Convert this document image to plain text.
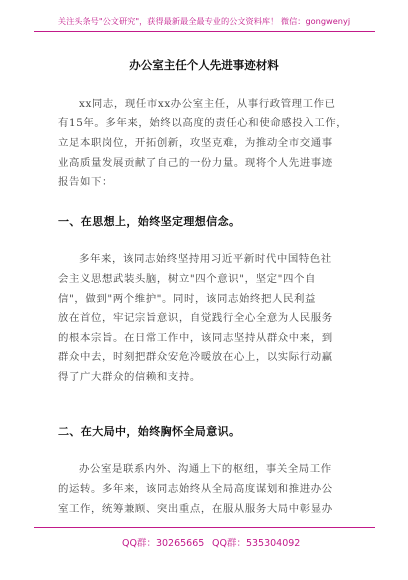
关注头条号"公文研究"，获得最新最全最专业的公文资料库！ 微信：gongwenyj
办公室主任个人先进事迹材料
xx同志，现任市xx办公室主任，从事行政管理工作已
有15年。多年来，始终以高度的责任心和使命感投入工作，
立足本职岗位，开拓创新，攻坚克难，为推动全市交通事
业高质量发展贡献了自己的一份力量。现将个人先进事迹
报告如下：
一、在思想上，始终坚定理想信念。
多年来，该同志始终坚持用习近平新时代中国特色社
会主义思想武装头脑，树立"四个意识"，坚定"四个自
信"，做到"两个维护"。同时，该同志始终把人民利益
放在首位，牢记宗旨意识，自觉践行全心全意为人民服务
的根本宗旨。在日常工作中，该同志坚持从群众中来，到
群众中去，时刻把群众安危冷暖放在心上，以实际行动赢
得了广大群众的信赖和支持。
二、在大局中，始终胸怀全局意识。
办公室是联系内外、沟通上下的枢纽，事关全局工作
的运转。多年来，该同志始终从全局高度谋划和推进办公
室工作，统筹兼顾、突出重点，在服从服务大局中彰显办
QQ群：30265665 QQ群：535304092
